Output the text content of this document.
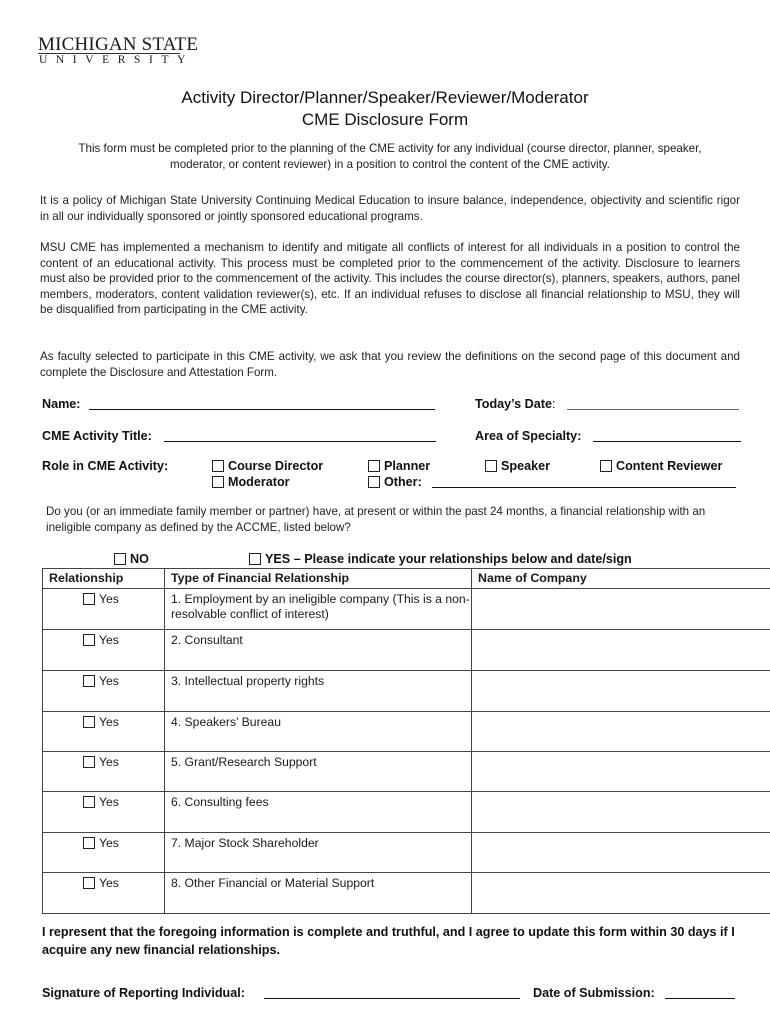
MICHIGAN STATE
UNIVERSITY
Activity Director/Planner/Speaker/Reviewer/Moderator
CME Disclosure Form
This form must be completed prior to the planning of the CME activity for any individual (course director, planner, speaker, moderator, or content reviewer) in a position to control the content of the CME activity.
It is a policy of Michigan State University Continuing Medical Education to insure balance, independence, objectivity and scientific rigor in all our individually sponsored or jointly sponsored educational programs.
MSU CME has implemented a mechanism to identify and mitigate all conflicts of interest for all individuals in a position to control the content of an educational activity. This process must be completed prior to the commencement of the activity. Disclosure to learners must also be provided prior to the commencement of the activity. This includes the course director(s), planners, speakers, authors, panel members, moderators, content validation reviewer(s), etc. If an individual refuses to disclose all financial relationship to MSU, they will be disqualified from participating in the CME activity.
As faculty selected to participate in this CME activity, we ask that you review the definitions on the second page of this document and complete the Disclosure and Attestation Form.
Name:	Today’s Date:
CME Activity Title:	Area of Specialty:
Role in CME Activity:	Course Director
Moderator
Planner
Other:
Speaker	Content Reviewer
Do you (or an immediate family member or partner) have, at present or within the past 24 months, a financial relationship with an ineligible company as defined by the ACCME, listed below?
NO	YES – Please indicate your relationships below and date/sign
Relationship	Type of Financial Relationship	Name of Company
Yes	1. Employment by an ineligible company (This is a non-resolvable conflict of interest)	
Yes	2. Consultant	
Yes	3. Intellectual property rights	
Yes	4. Speakers’ Bureau	
Yes	5. Grant/Research Support	
Yes	6. Consulting fees	
Yes	7. Major Stock Shareholder	
Yes	8. Other Financial or Material Support	
I represent that the foregoing information is complete and truthful, and I agree to update this form within 30 days if I acquire any new financial relationships.
Signature of Reporting Individual:	Date of Submission:
